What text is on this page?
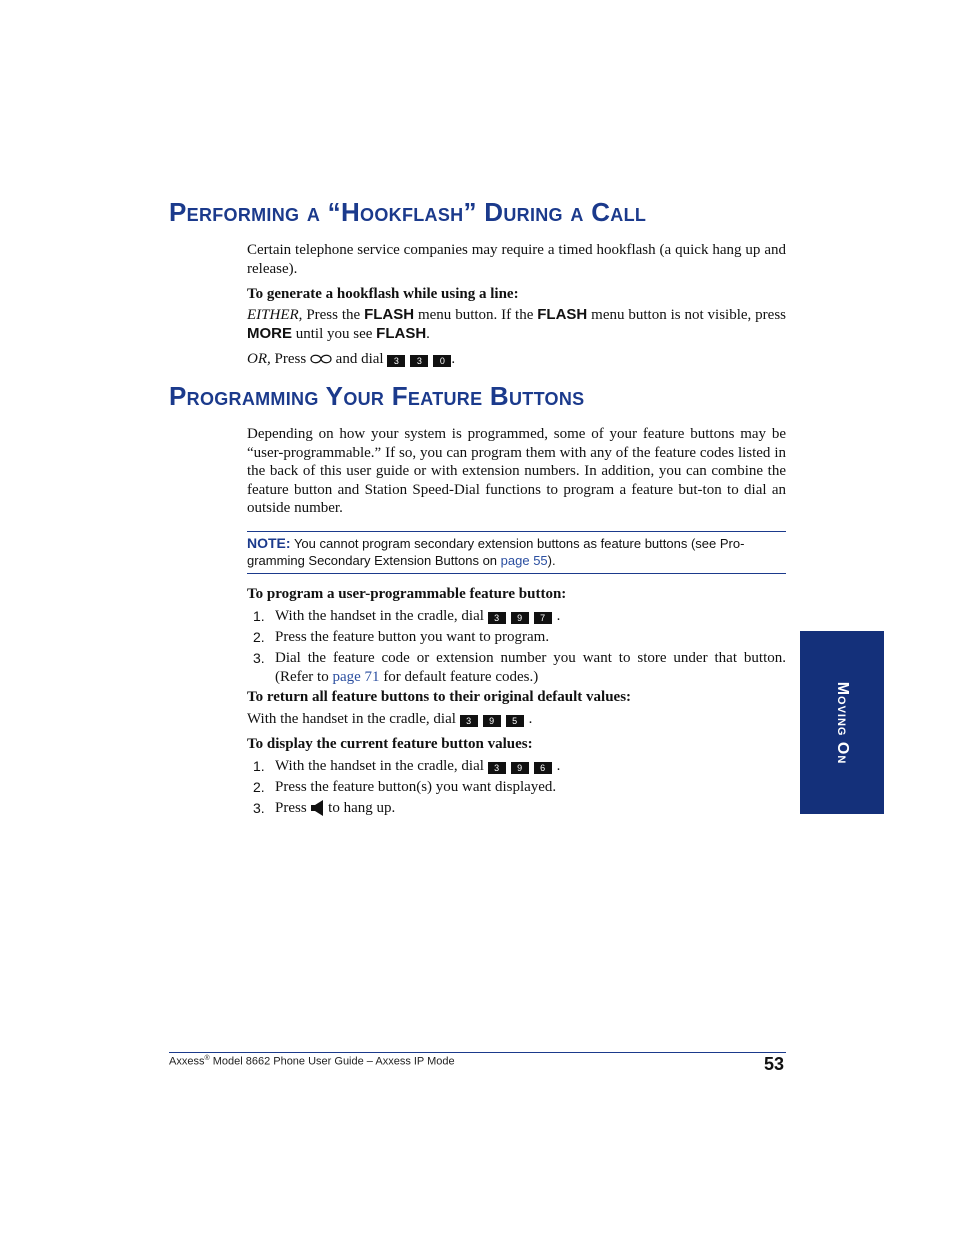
Performing a “Hookflash” During a Call

Certain telephone service companies may require a timed hookflash (a quick hang up and release).

To generate a hookflash while using a line:

EITHER, Press the FLASH menu button. If the FLASH menu button is not visible, press MORE until you see FLASH.

OR, Press and dial 3 3 0 .

Programming Your Feature Buttons

Depending on how your system is programmed, some of your feature buttons may be “user-programmable.” If so, you can program them with any of the feature codes listed in the back of this user guide or with extension numbers. In addition, you can combine the feature button and Station Speed-Dial functions to program a feature but-ton to dial an outside number.

NOTE: You cannot program secondary extension buttons as feature buttons (see Pro-gramming Secondary Extension Buttons on page 55).

To program a user-programmable feature button:

1. With the handset in the cradle, dial 3 9 7 .
2. Press the feature button you want to program.
3. Dial the feature code or extension number you want to store under that button. (Refer to page 71 for default feature codes.)

To return all feature buttons to their original default values:

With the handset in the cradle, dial 3 9 5 .

To display the current feature button values:

1. With the handset in the cradle, dial 3 9 6 .
2. Press the feature button(s) you want displayed.
3. Press to hang up.
Moving On
Axxess® Model 8662 Phone User Guide – Axxess IP Mode	53
